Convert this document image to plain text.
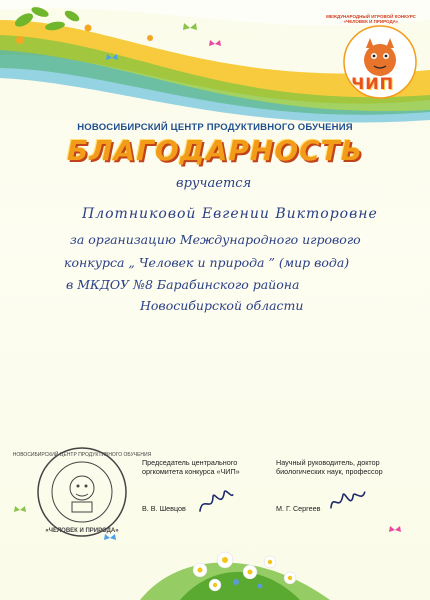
МЕЖДУНАРОДНЫЙ ИГРОВОЙ КОНКУРС «ЧЕЛОВЕК И ПРИРОДА»
ЧИП
НОВОСИБИРСКИЙ ЦЕНТР ПРОДУКТИВНОГО ОБУЧЕНИЯ
БЛАГОДАРНОСТЬ
вручается
Плотниковой Евгении Викторовне
за организацию Международного игрового
конкурса „ Человек и природа ” (мир вода)
в МКДОУ №8 Барабинского района
Новосибирской области
НОВОСИБИРСКИЙ ЦЕНТР ПРОДУКТИВНОГО ОБУЧЕНИЯ
«ЧЕЛОВЕК И ПРИРОДА»
Председатель центрального оргкомитета конкурса «ЧИП»
Научный руководитель, доктор биологических наук, профессор
В. В. Шевцов	М. Г. Сергеев
